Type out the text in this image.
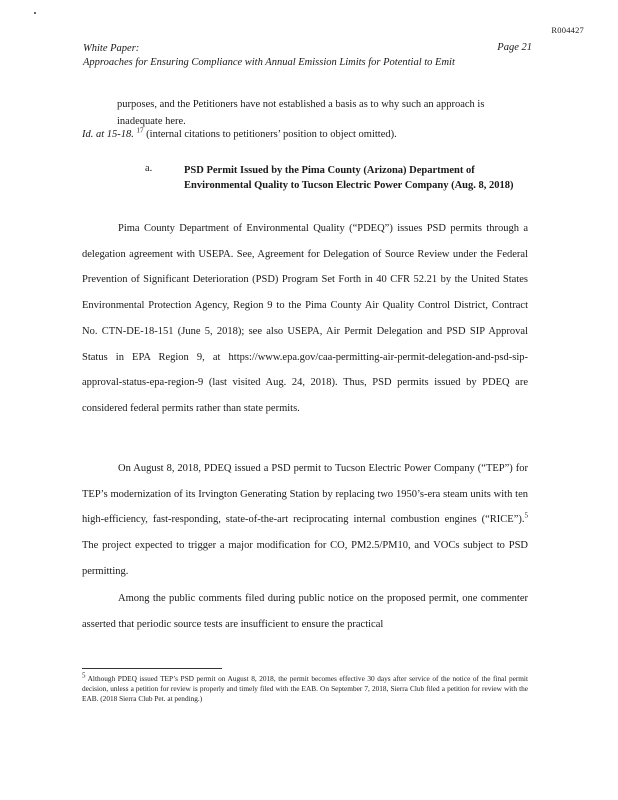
R004427
White Paper:
Approaches for Ensuring Compliance with Annual Emission Limits for Potential to Emit
Page 21
purposes, and the Petitioners have not established a basis as to why such an approach is inadequate here.
Id. at 15-18. $^{17}$ (internal citations to petitioners’ position to object omitted).
a.	PSD Permit Issued by the Pima County (Arizona) Department of Environmental Quality to Tucson Electric Power Company (Aug. 8, 2018)
Pima County Department of Environmental Quality (“PDEQ”) issues PSD permits through a delegation agreement with USEPA. See, Agreement for Delegation of Source Review under the Federal Prevention of Significant Deterioration (PSD) Program Set Forth in 40 CFR 52.21 by the United States Environmental Protection Agency, Region 9 to the Pima County Air Quality Control District, Contract No. CTN-DE-18-151 (June 5, 2018); see also USEPA, Air Permit Delegation and PSD SIP Approval Status in EPA Region 9, at https://www.epa.gov/caa-permitting-air-permit-delegation-and-psd-sip-approval-status-epa-region-9 (last visited Aug. 24, 2018). Thus, PSD permits issued by PDEQ are considered federal permits rather than state permits.
On August 8, 2018, PDEQ issued a PSD permit to Tucson Electric Power Company (“TEP”) for TEP’s modernization of its Irvington Generating Station by replacing two 1950’s-era steam units with ten high-efficiency, fast-responding, state-of-the-art reciprocating internal combustion engines (“RICE”).$^5$ The project expected to trigger a major modification for CO, PM2.5/PM10, and VOCs subject to PSD permitting.
Among the public comments filed during public notice on the proposed permit, one commenter asserted that periodic source tests are insufficient to ensure the practical
$^5$ Although PDEQ issued TEP’s PSD permit on August 8, 2018, the permit becomes effective 30 days after service of the notice of the final permit decision, unless a petition for review is properly and timely filed with the EAB. On September 7, 2018, Sierra Club filed a petition for review with the EAB. (2018 Sierra Club Pet. at pending.)
